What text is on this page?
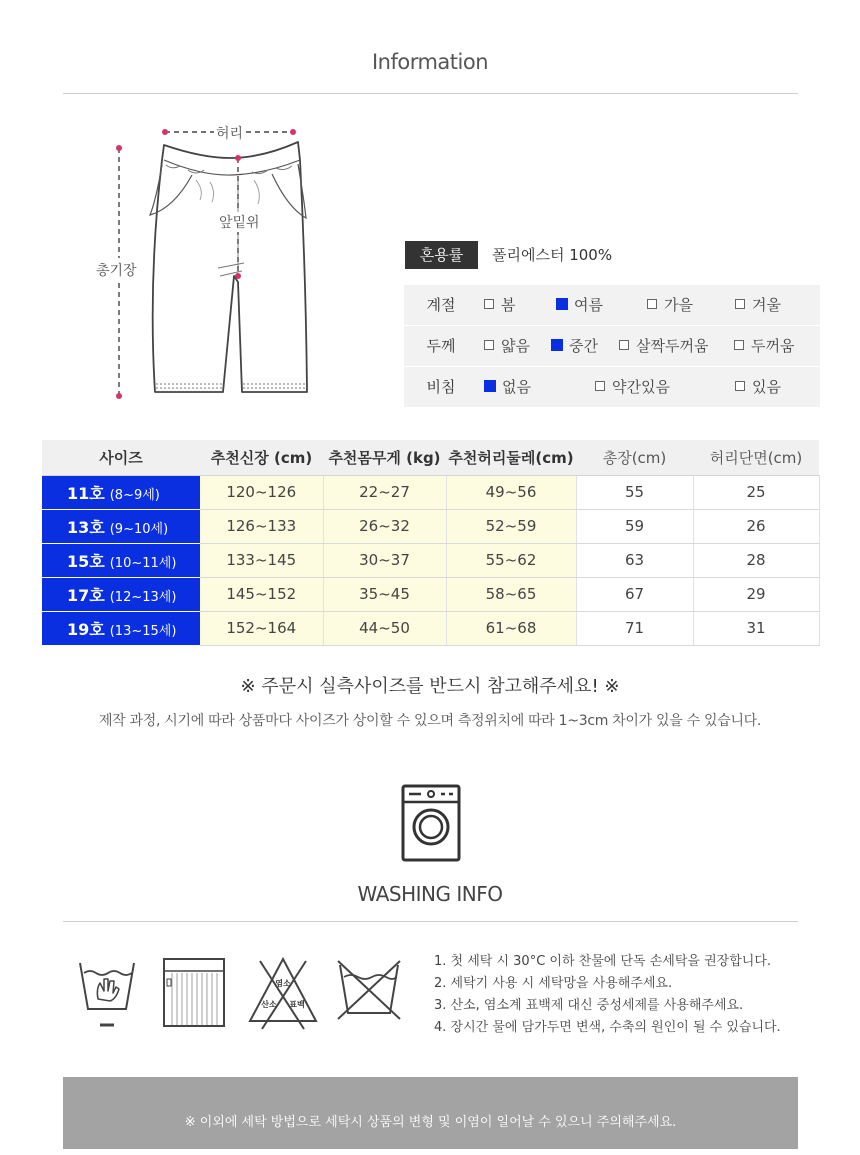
Information
허리
앞밑위
총기장
혼용률	폴리에스터 100%
계절	봄	여름	가을	겨울
두께	얇음	중간	살짝두꺼움	두꺼움
비침	없음	약간있음	있음
사이즈	추천신장 (cm)	추천몸무게 (kg)	추천허리둘레(cm)	총장(cm)	허리단면(cm)
11호 (8~9세)	120~126	22~27	49~56	55	25
13호 (9~10세)	126~133	26~32	52~59	59	26
15호 (10~11세)	133~145	30~37	55~62	63	28
17호 (12~13세)	145~152	35~45	58~65	67	29
19호 (13~15세)	152~164	44~50	61~68	71	31
※ 주문시 실측사이즈를 반드시 참고해주세요! ※
제작 과정, 시기에 따라 상품마다 사이즈가 상이할 수 있으며 측정위치에 따라 1~3cm 차이가 있을 수 있습니다.
WASHING INFO
염소
산소	표백
1. 첫 세탁 시 30°C 이하 찬물에 단독 손세탁을 권장합니다.
2. 세탁기 사용 시 세탁망을 사용해주세요.
3. 산소, 염소계 표백제 대신 중성세제를 사용해주세요.
4. 장시간 물에 담가두면 변색, 수축의 원인이 될 수 있습니다.
※ 이외에 세탁 방법으로 세탁시 상품의 변형 및 이염이 일어날 수 있으니 주의해주세요.
